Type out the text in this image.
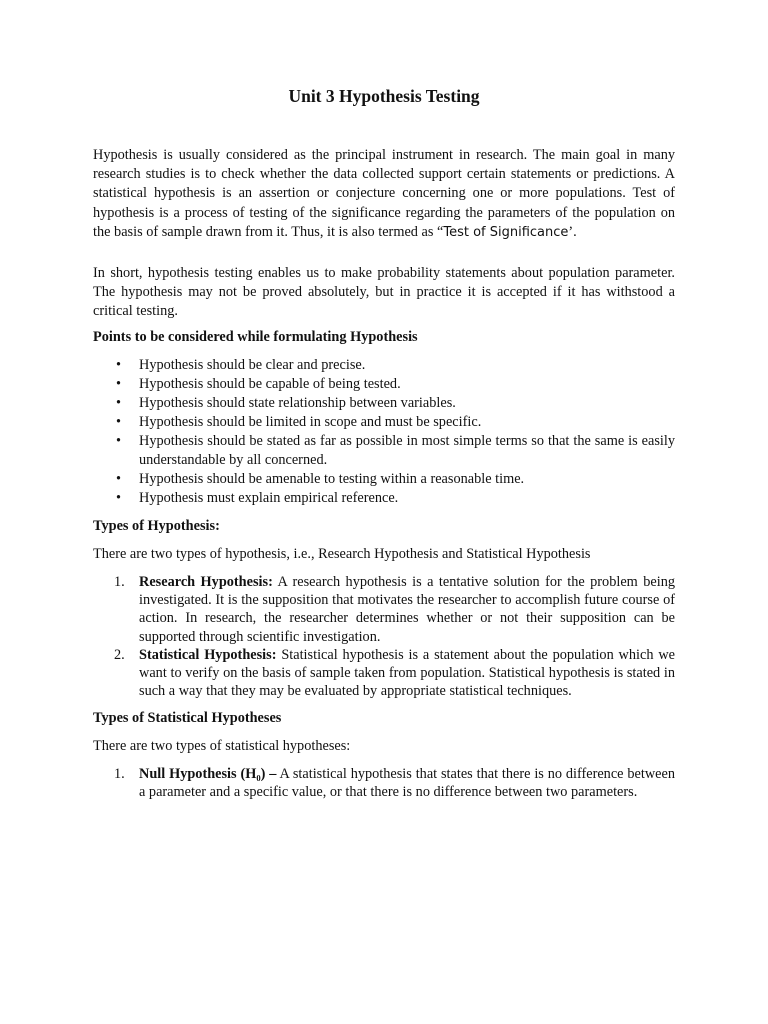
Unit 3 Hypothesis Testing

Hypothesis is usually considered as the principal instrument in research. The main goal in many research studies is to check whether the data collected support certain statements or predictions. A statistical hypothesis is an assertion or conjecture concerning one or more populations. Test of hypothesis is a process of testing of the significance regarding the parameters of the population on the basis of sample drawn from it. Thus, it is also termed as “Test of Significance’.

In short, hypothesis testing enables us to make probability statements about population parameter. The hypothesis may not be proved absolutely, but in practice it is accepted if it has withstood a critical testing.

Points to be considered while formulating Hypothesis
• Hypothesis should be clear and precise.
• Hypothesis should be capable of being tested.
• Hypothesis should state relationship between variables.
• Hypothesis should be limited in scope and must be specific.
• Hypothesis should be stated as far as possible in most simple terms so that the same is easily understandable by all concerned.
• Hypothesis should be amenable to testing within a reasonable time.
• Hypothesis must explain empirical reference.
Types of Hypothesis:

There are two types of hypothesis, i.e., Research Hypothesis and Statistical Hypothesis

1. Research Hypothesis: A research hypothesis is a tentative solution for the problem being investigated. It is the supposition that motivates the researcher to accomplish future course of action. In research, the researcher determines whether or not their supposition can be supported through scientific investigation.
2. Statistical Hypothesis: Statistical hypothesis is a statement about the population which we want to verify on the basis of sample taken from population. Statistical hypothesis is stated in such a way that they may be evaluated by appropriate statistical techniques.
Types of Statistical Hypotheses

There are two types of statistical hypotheses:

1. Null Hypothesis (H₀) – A statistical hypothesis that states that there is no difference between a parameter and a specific value, or that there is no difference between two parameters.
